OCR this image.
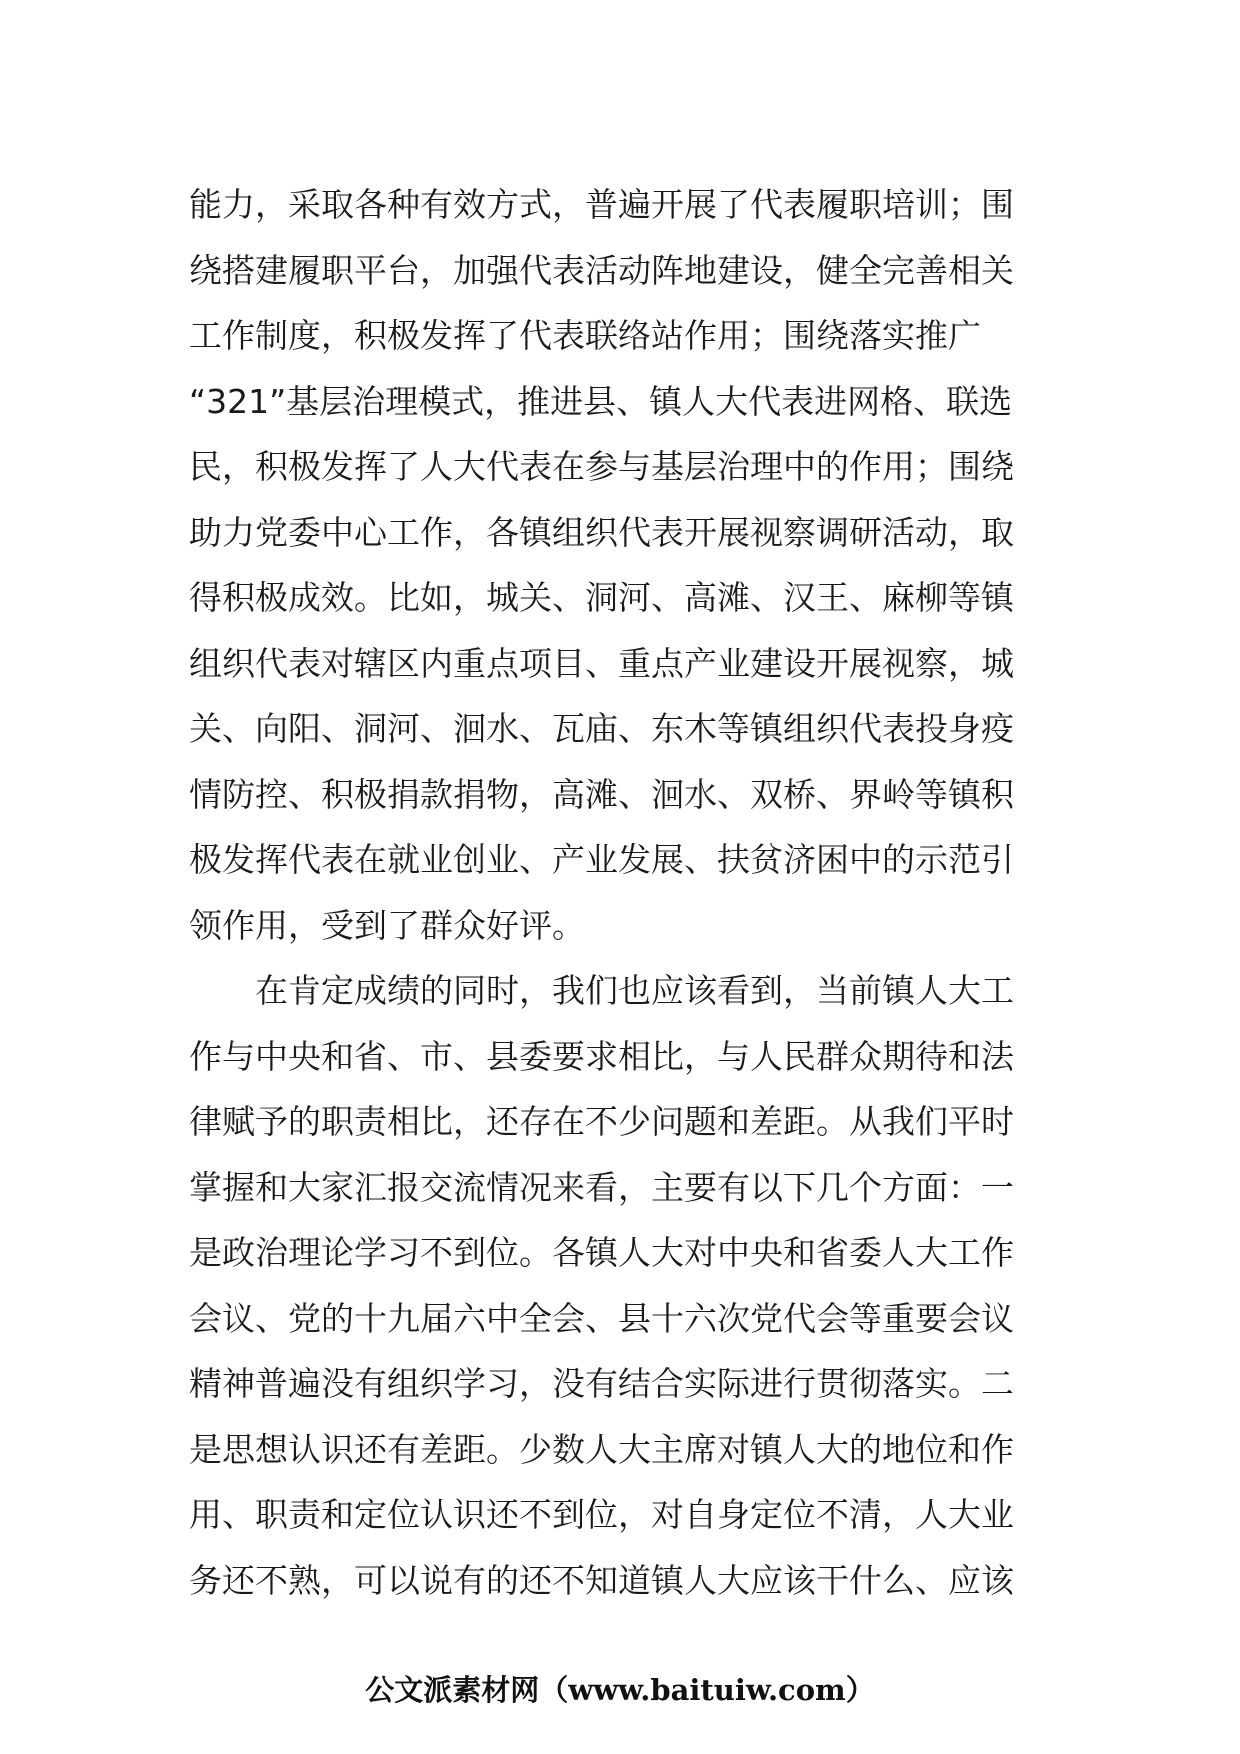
能力，采取各种有效方式，普遍开展了代表履职培训；围
绕搭建履职平台，加强代表活动阵地建设，健全完善相关
工作制度，积极发挥了代表联络站作用；围绕落实推广
“321”基层治理模式，推进县、镇人大代表进网格、联选
民，积极发挥了人大代表在参与基层治理中的作用；围绕
助力党委中心工作，各镇组织代表开展视察调研活动，取
得积极成效。比如，城关、洞河、高滩、汉王、麻柳等镇
组织代表对辖区内重点项目、重点产业建设开展视察，城
关、向阳、洞河、洄水、瓦庙、东木等镇组织代表投身疫
情防控、积极捐款捐物，高滩、洄水、双桥、界岭等镇积
极发挥代表在就业创业、产业发展、扶贫济困中的示范引
领作用，受到了群众好评。
在肯定成绩的同时，我们也应该看到，当前镇人大工
作与中央和省、市、县委要求相比，与人民群众期待和法
律赋予的职责相比，还存在不少问题和差距。从我们平时
掌握和大家汇报交流情况来看，主要有以下几个方面：一
是政治理论学习不到位。各镇人大对中央和省委人大工作
会议、党的十九届六中全会、县十六次党代会等重要会议
精神普遍没有组织学习，没有结合实际进行贯彻落实。二
是思想认识还有差距。少数人大主席对镇人大的地位和作
用、职责和定位认识还不到位，对自身定位不清，人大业
务还不熟，可以说有的还不知道镇人大应该干什么、应该
公文派素材网（www.baituiw.com）
